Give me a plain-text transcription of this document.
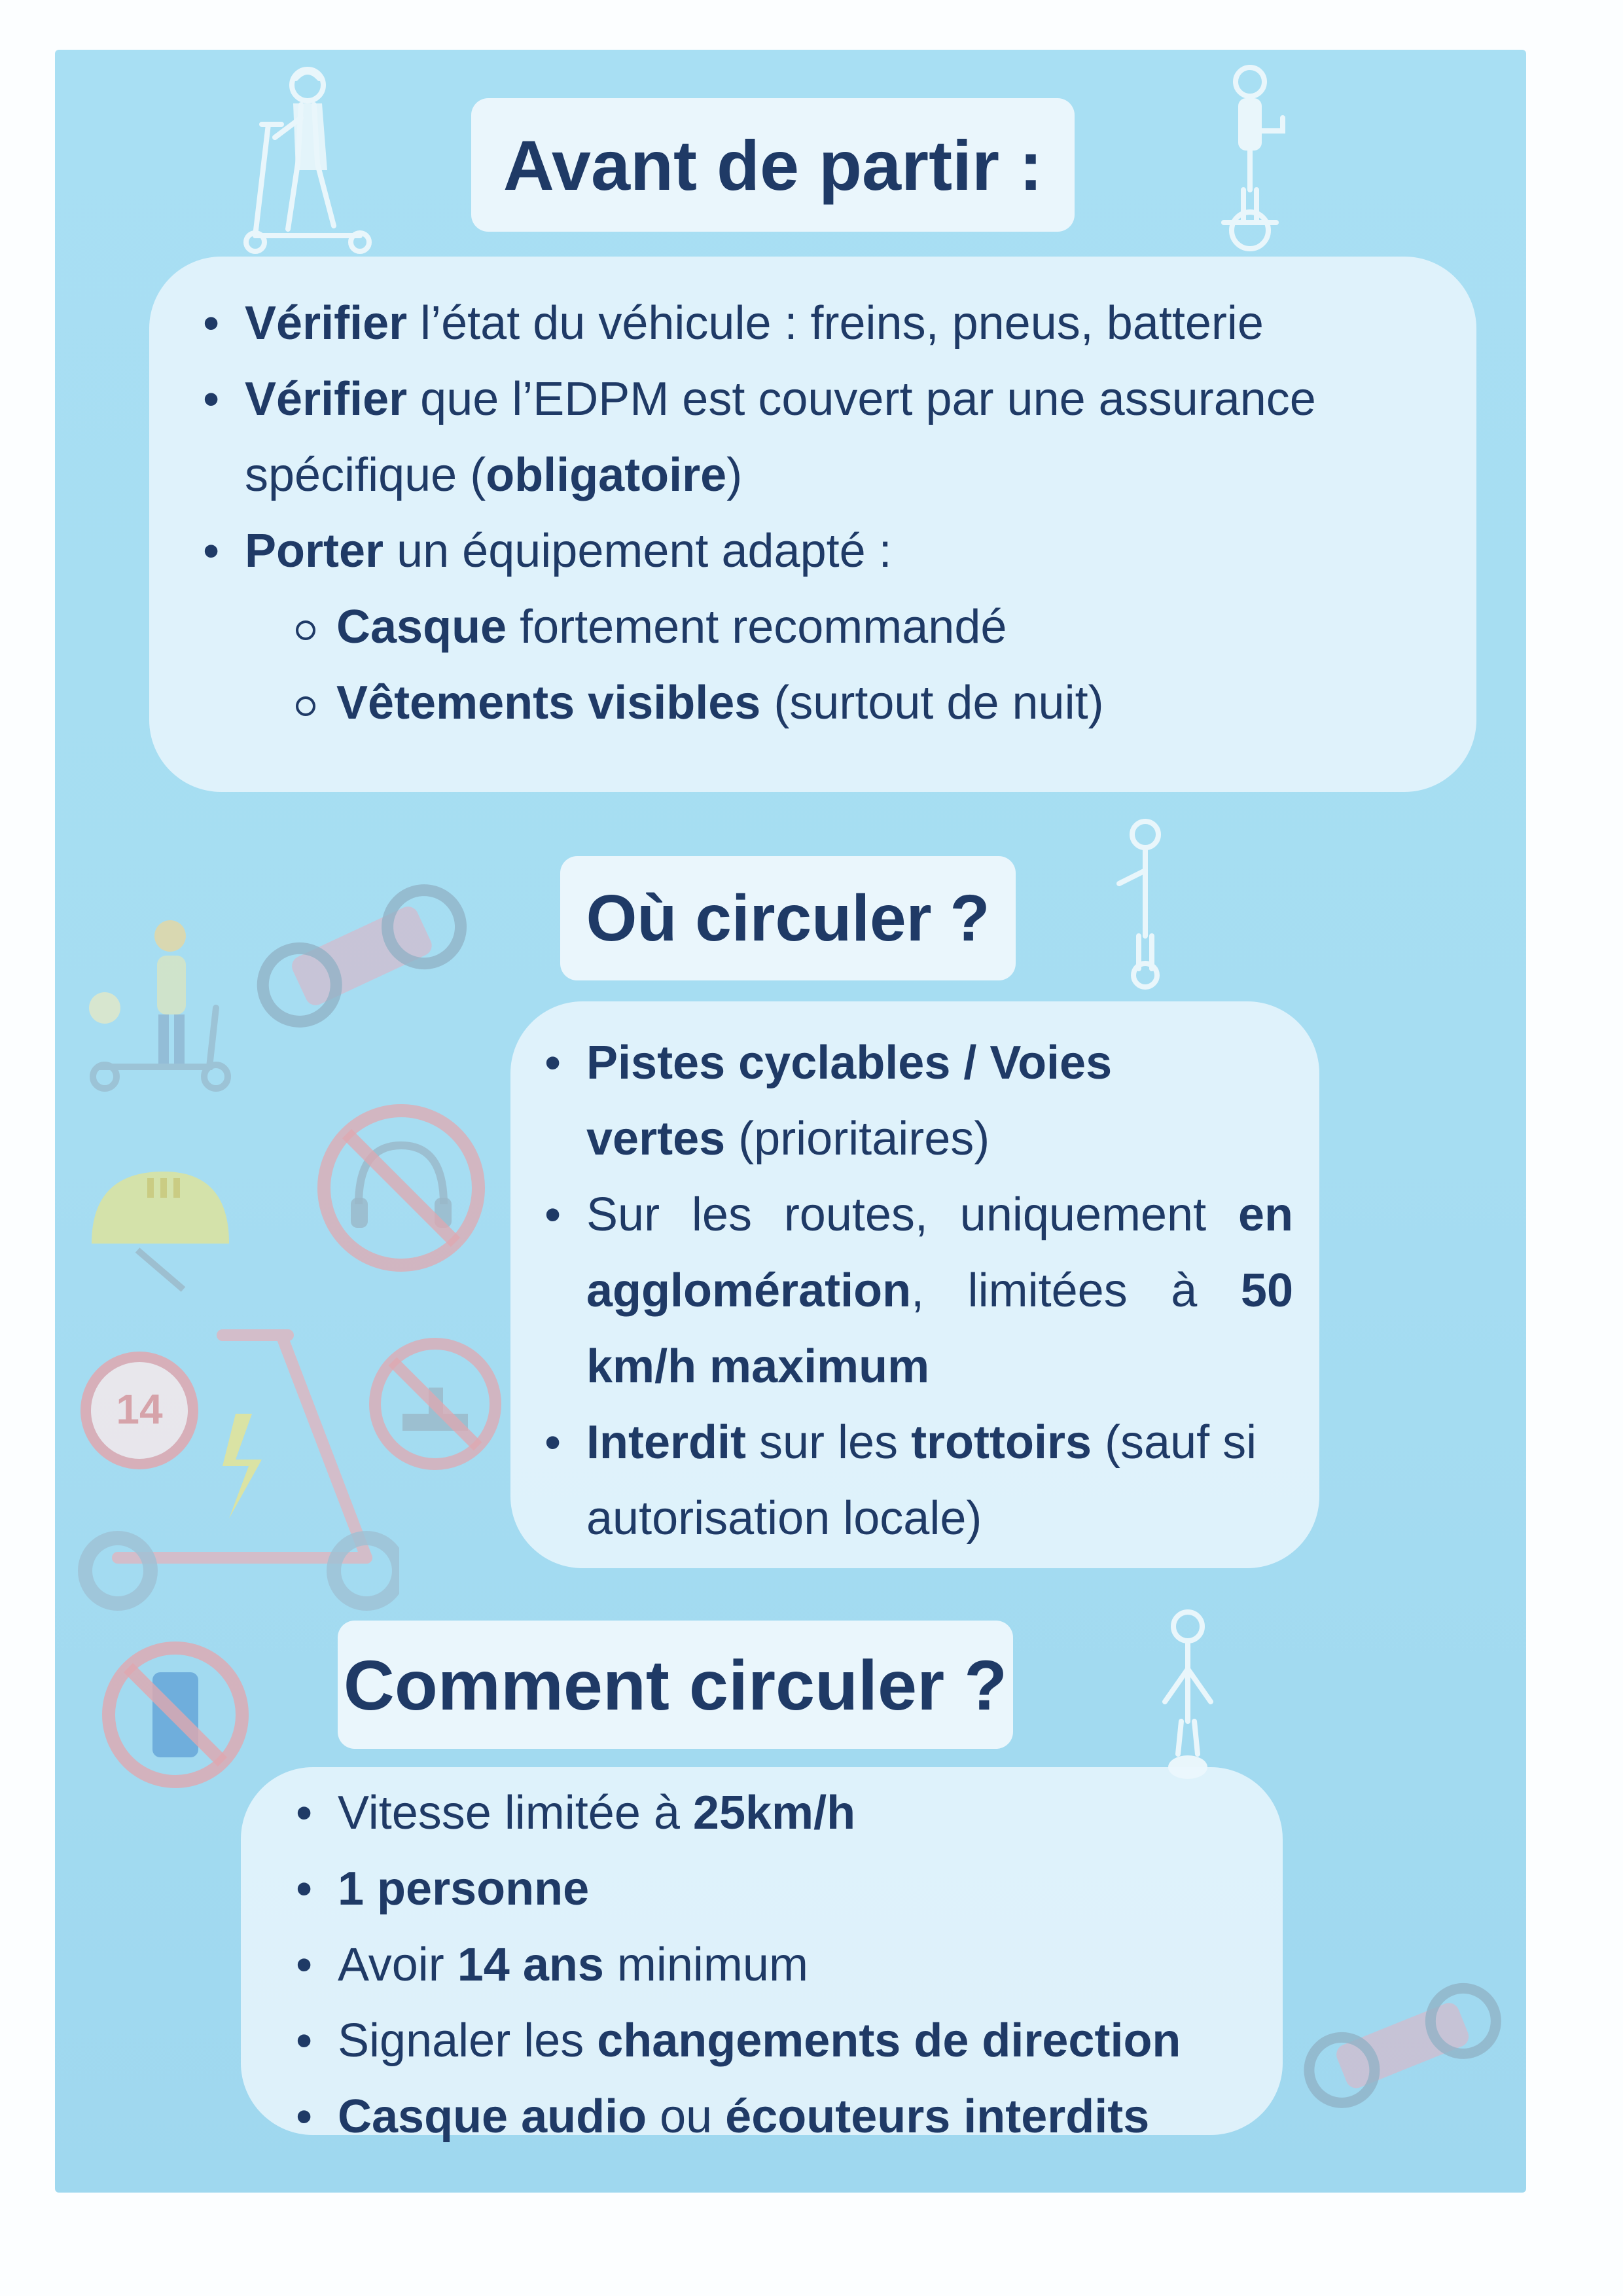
14
Avant de partir :
• Vérifier l’état du véhicule : freins, pneus, batterie
• Vérifier que l’EDPM est couvert par une assurance spécifique (obligatoire)
• Porter un équipement adapté :
Casque fortement recommandé
Vêtements visibles (surtout de nuit)
Où circuler ?
• Pistes cyclables / Voies vertes (prioritaires)
• Sur les routes, uniquement en agglomération, limitées à 50 km/h maximum
• Interdit sur les trottoirs (sauf si autorisation locale)
Comment circuler ?
• Vitesse limitée à 25km/h
• 1 personne
• Avoir 14 ans minimum
• Signaler les changements de direction
• Casque audio ou écouteurs interdits
